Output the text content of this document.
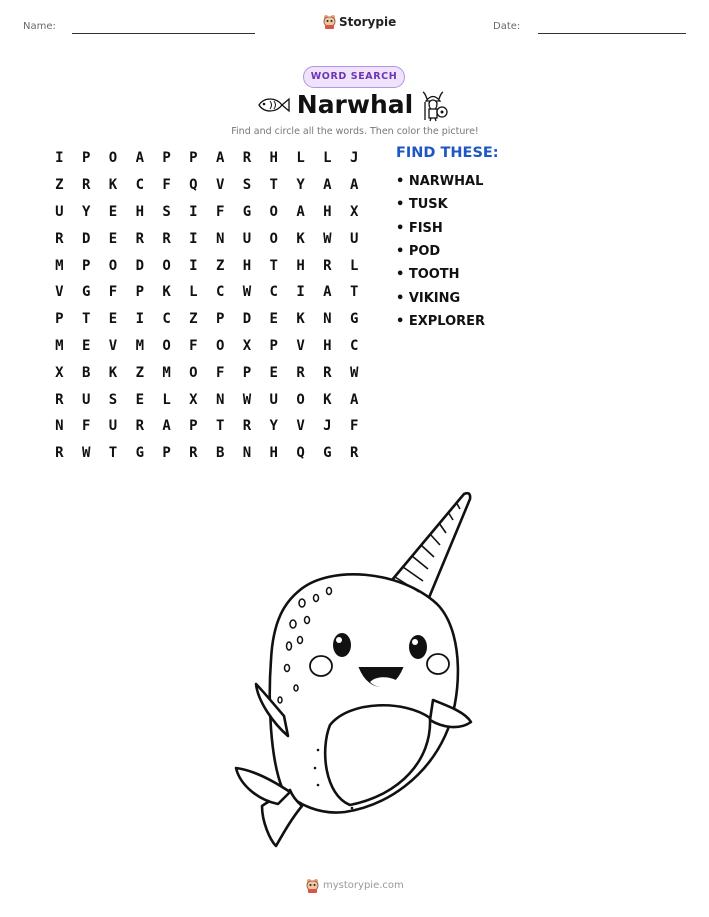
Name:	Storypie	Date:
WORD SEARCH
Narwhal
Find and circle all the words. Then color the picture!
I	P	O	A	P	P	A	R	H	L	L	J
Z	R	K	C	F	Q	V	S	T	Y	A	A
U	Y	E	H	S	I	F	G	O	A	H	X
R	D	E	R	R	I	N	U	O	K	W	U
M	P	O	D	O	I	Z	H	T	H	R	L
V	G	F	P	K	L	C	W	C	I	A	T
P	T	E	I	C	Z	P	D	E	K	N	G
M	E	V	M	O	F	O	X	P	V	H	C
X	B	K	Z	M	O	F	P	E	R	R	W
R	U	S	E	L	X	N	W	U	O	K	A
N	F	U	R	A	P	T	R	Y	V	J	F
R	W	T	G	P	R	B	N	H	Q	G	R
FIND THESE:
• NARWHAL
• TUSK
• FISH
• POD
• TOOTH
• VIKING
• EXPLORER
mystorypie.com
